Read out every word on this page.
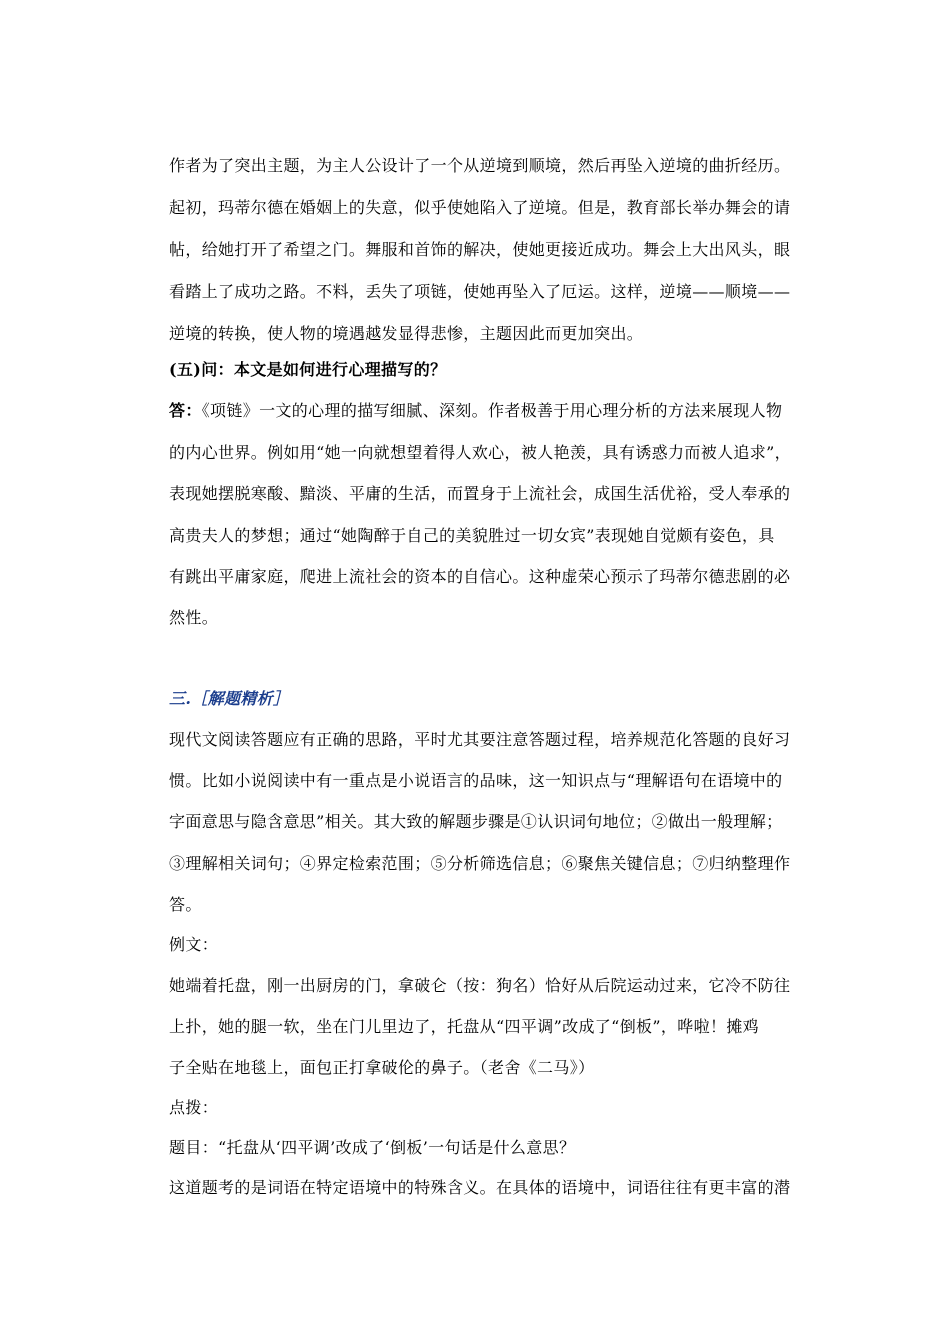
作者为了突出主题，为主人公设计了一个从逆境到顺境，然后再坠入逆境的曲折经历。
起初，玛蒂尔德在婚姻上的失意，似乎使她陷入了逆境。但是，教育部长举办舞会的请
帖，给她打开了希望之门。舞服和首饰的解决，使她更接近成功。舞会上大出风头，眼
看踏上了成功之路。不料，丢失了项链，使她再坠入了厄运。这样，逆境——顺境——
逆境的转换，使人物的境遇越发显得悲惨，主题因此而更加突出。
(五)问：本文是如何进行心理描写的？
答：《项链》一文的心理的描写细腻、深刻。作者极善于用心理分析的方法来展现人物
的内心世界。例如用“她一向就想望着得人欢心，被人艳羡，具有诱惑力而被人追求”，
表现她摆脱寒酸、黯淡、平庸的生活，而置身于上流社会，成国生活优裕，受人奉承的
高贵夫人的梦想；通过“她陶醉于自己的美貌胜过一切女宾”表现她自觉颇有姿色，具
有跳出平庸家庭，爬进上流社会的资本的自信心。这种虚荣心预示了玛蒂尔德悲剧的必
然性。
三.［解题精析］
现代文阅读答题应有正确的思路，平时尤其要注意答题过程，培养规范化答题的良好习
惯。比如小说阅读中有一重点是小说语言的品味，这一知识点与“理解语句在语境中的
字面意思与隐含意思”相关。其大致的解题步骤是①认识词句地位；②做出一般理解；
③理解相关词句；④界定检索范围；⑤分析筛选信息；⑥聚焦关键信息；⑦归纳整理作
答。
例文：
她端着托盘，刚一出厨房的门，拿破仑（按：狗名）恰好从后院运动过来，它冷不防往
上扑，她的腿一软，坐在门儿里边了，托盘从“四平调”改成了“倒板”，哗啦！摊鸡
子全贴在地毯上，面包正打拿破伦的鼻子。（老舍《二马》）
点拨：
题目：“托盘从‘四平调’改成了‘倒板’一句话是什么意思？
这道题考的是词语在特定语境中的特殊含义。在具体的语境中，词语往往有更丰富的潜
